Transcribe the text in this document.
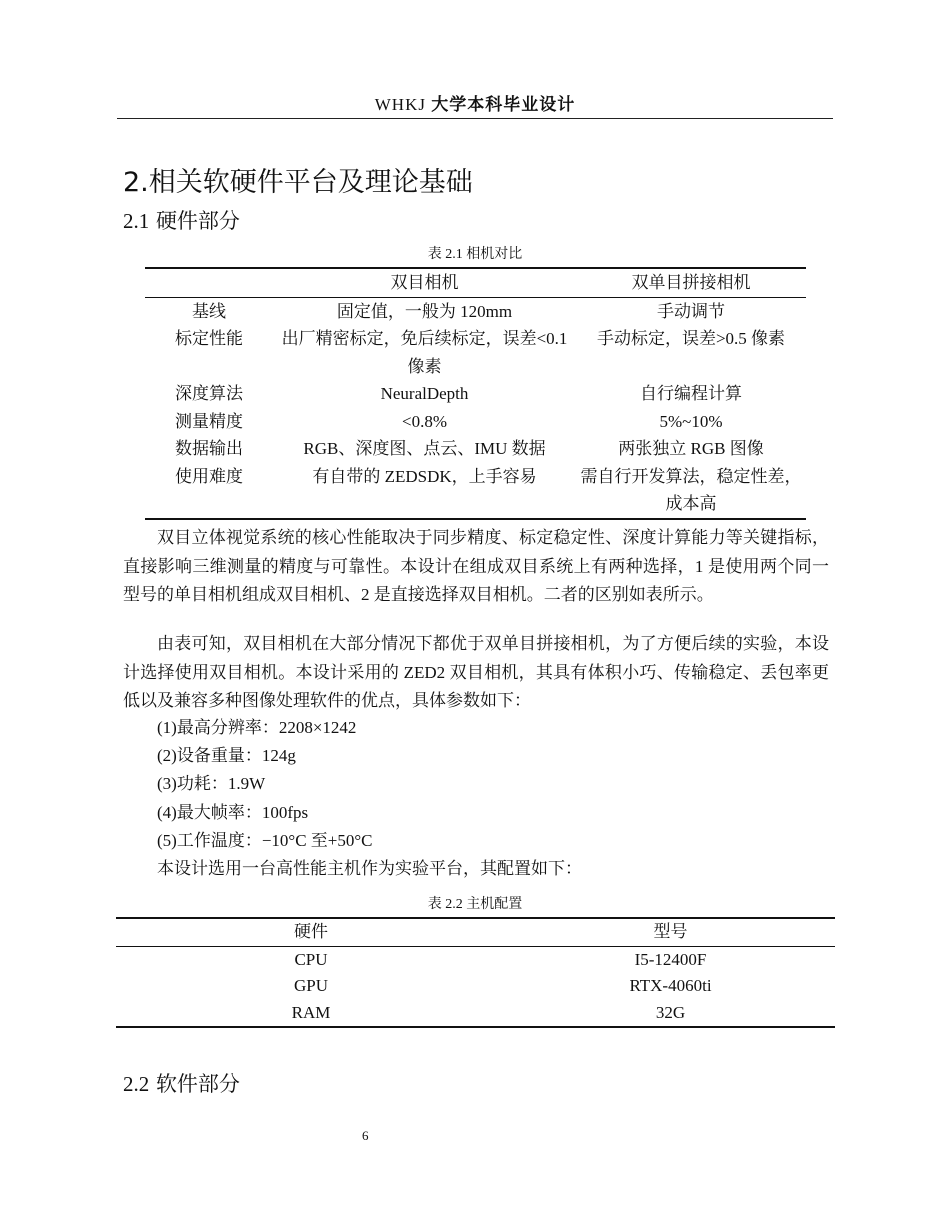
WHKJ 大学本科毕业设计
2.相关软硬件平台及理论基础
2.1 硬件部分
表 2.1 相机对比
	双目相机	双单目拼接相机
基线	固定值，一般为 120mm	手动调节
标定性能	出厂精密标定，免后续标定，误差<0.1 像素	手动标定，误差>0.5 像素
深度算法	NeuralDepth	自行编程计算
测量精度	<0.8%	5%~10%
数据输出	RGB、深度图、点云、IMU 数据	两张独立 RGB 图像
使用难度	有自带的 ZEDSDK，上手容易	需自行开发算法，稳定性差，成本高

双目立体视觉系统的核心性能取决于同步精度、标定稳定性、深度计算能力等关键指标，直接影响三维测量的精度与可靠性。本设计在组成双目系统上有两种选择，1 是使用两个同一型号的单目相机组成双目相机、2 是直接选择双目相机。二者的区别如表所示。

由表可知，双目相机在大部分情况下都优于双单目拼接相机，为了方便后续的实验，本设计选择使用双目相机。本设计采用的 ZED2 双目相机，其具有体积小巧、传输稳定、丢包率更低以及兼容多种图像处理软件的优点，具体参数如下：

(1)最高分辨率：2208×1242

(2)设备重量：124g

(3)功耗：1.9W

(4)最大帧率：100fps

(5)工作温度：−10°C 至+50°C

本设计选用一台高性能主机作为实验平台，其配置如下：

表 2.2 主机配置
硬件	型号
CPU	I5-12400F
GPU	RTX-4060ti
RAM	32G
2.2 软件部分
6
